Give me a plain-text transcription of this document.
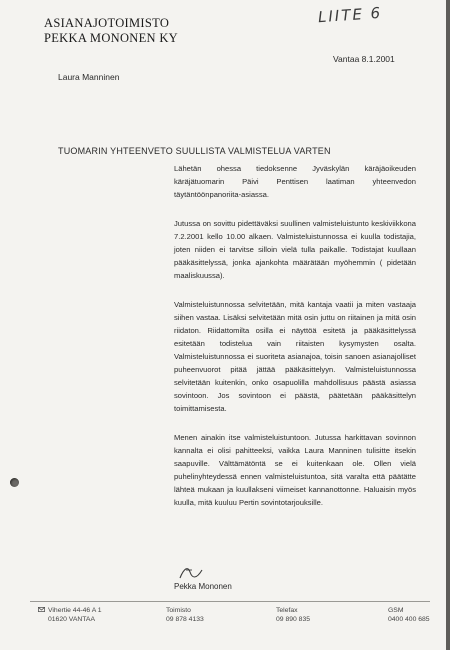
ASIANAJOTOIMISTO
PEKKA MONONEN KY
LIITE 6
Vantaa 8.1.2001
Laura Manninen
TUOMARIN YHTEENVETO SUULLISTA VALMISTELUA VARTEN

Lähetän ohessa tiedoksenne Jyväskylän käräjäoikeuden käräjätuomarin Päivi Penttisen laatiman yhteenvedon täytäntöönpanoriita-asiassa.

Jutussa on sovittu pidettäväksi suullinen valmisteluistunto keskiviikkona 7.2.2001 kello 10.00 alkaen. Valmisteluistunnossa ei kuulla todistajia, joten niiden ei tarvitse silloin vielä tulla paikalle. Todistajat kuullaan pääkäsittelyssä, jonka ajankohta määrätään myöhemmin ( pidetään maaliskuussa).

Valmisteluistunnossa selvitetään, mitä kantaja vaatii ja miten vastaaja siihen vastaa. Lisäksi selvitetään mitä osin juttu on riitainen ja mitä osin riidaton. Riidattomilta osilla ei näyttöä esitetä ja pääkäsittelyssä esitetään todistelua vain riitaisten kysymysten osalta. Valmisteluistunnossa ei suoriteta asianajoa, toisin sanoen asianajolliset puheenvuorot pitää jättää pääkäsittelyyn. Valmisteluistunnossa selvitetään kuitenkin, onko osapuolilla mahdollisuus päästä asiassa sovintoon. Jos sovintoon ei päästä, päätetään pääkäsittelyn toimittamisesta.

Menen ainakin itse valmisteluistuntoon. Jutussa harkittavan sovinnon kannalta ei olisi pahitteeksi, vaikka Laura Manninen tulisitte itsekin saapuville. Välttämätöntä se ei kuitenkaan ole. Ollen vielä puhelinyhteydessä ennen valmisteluistuntoa, sitä varalta että päätätte lähteä mukaan ja kuullakseni viimeiset kannanottonne. Haluaisin myös kuulla, mitä kuuluu Pertin sovintotarjouksille.

Pekka Mononen
Vihertie 44-46 A 1
01620 VANTAA
Toimisto
09 878 4133
Telefax
09 890 835
GSM
0400 400 685
